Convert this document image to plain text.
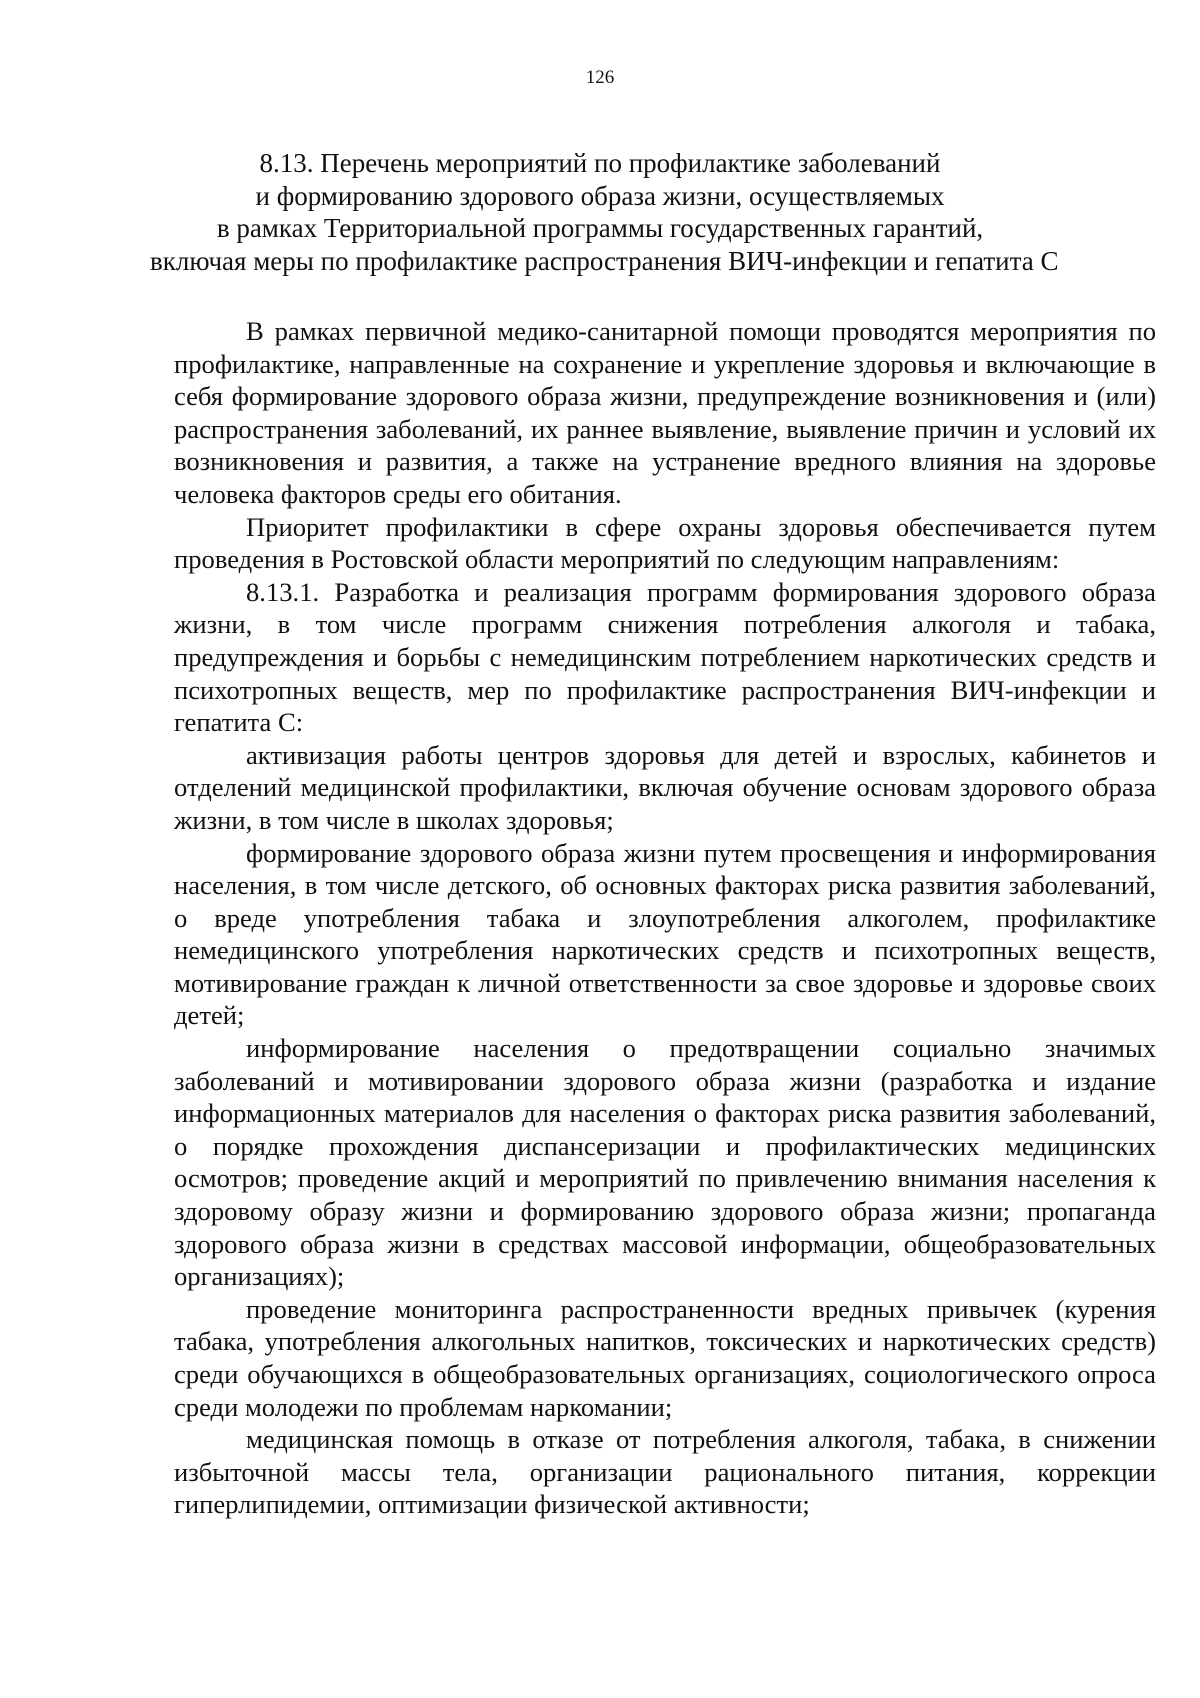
126
8.13. Перечень мероприятий по профилактике заболеваний
и формированию здорового образа жизни, осуществляемых
в рамках Территориальной программы государственных гарантий,
включая меры по профилактике распространения ВИЧ-инфекции и гепатита С

В рамках первичной медико-санитарной помощи проводятся мероприятия по профилактике, направленные на сохранение и укрепление здоровья и включающие в себя формирование здорового образа жизни, предупреждение возникновения и (или) распространения заболеваний, их раннее выявление, выявление причин и условий их возникновения и развития, а также на устранение вредного влияния на здоровье человека факторов среды его обитания.

Приоритет профилактики в сфере охраны здоровья обеспечивается путем проведения в Ростовской области мероприятий по следующим направлениям:

8.13.1. Разработка и реализация программ формирования здорового образа жизни, в том числе программ снижения потребления алкоголя и табака, предупреждения и борьбы с немедицинским потреблением наркотических средств и психотропных веществ, мер по профилактике распространения ВИЧ-инфекции и гепатита С:

активизация работы центров здоровья для детей и взрослых, кабинетов и отделений медицинской профилактики, включая обучение основам здорового образа жизни, в том числе в школах здоровья;

формирование здорового образа жизни путем просвещения и информирования населения, в том числе детского, об основных факторах риска развития заболеваний, о вреде употребления табака и злоупотребления алкоголем, профилактике немедицинского употребления наркотических средств и психотропных веществ, мотивирование граждан к личной ответственности за свое здоровье и здоровье своих детей;

информирование населения о предотвращении социально значимых заболеваний и мотивировании здорового образа жизни (разработка и издание информационных материалов для населения о факторах риска развития заболеваний, о порядке прохождения диспансеризации и профилактических медицинских осмотров; проведение акций и мероприятий по привлечению внимания населения к здоровому образу жизни и формированию здорового образа жизни; пропаганда здорового образа жизни в средствах массовой информации, общеобразовательных организациях);

проведение мониторинга распространенности вредных привычек (курения табака, употребления алкогольных напитков, токсических и наркотических средств) среди обучающихся в общеобразовательных организациях, социологического опроса среди молодежи по проблемам наркомании;

медицинская помощь в отказе от потребления алкоголя, табака, в снижении избыточной массы тела, организации рационального питания, коррекции гиперлипидемии, оптимизации физической активности;
